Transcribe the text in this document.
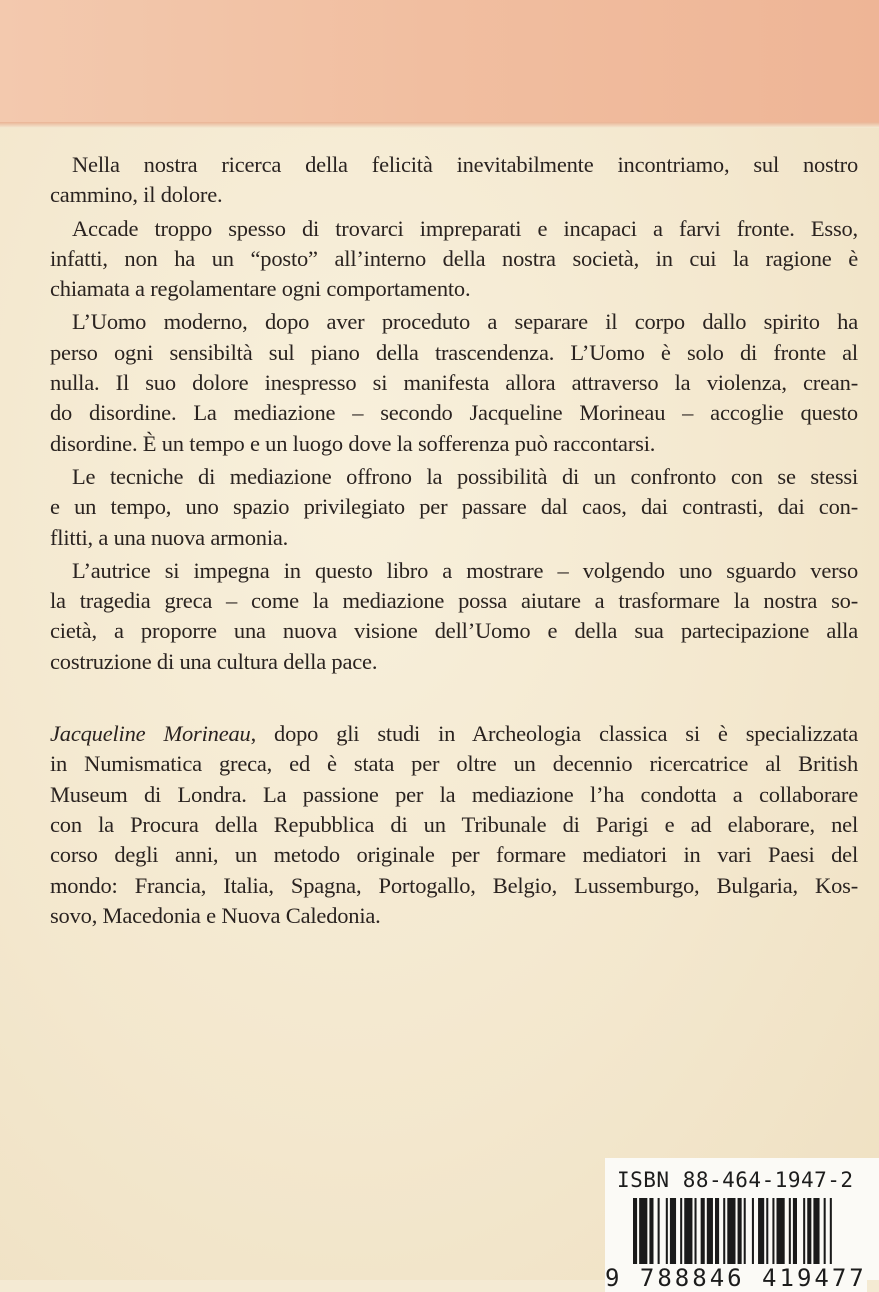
Nella nostra ricerca della felicità inevitabilmente incontriamo, sul nostro
cammino, il dolore.
Accade troppo spesso di trovarci impreparati e incapaci a farvi fronte. Esso,
infatti, non ha un “posto” all’interno della nostra società, in cui la ragione è
chiamata a regolamentare ogni comportamento.
L’Uomo moderno, dopo aver proceduto a separare il corpo dallo spirito ha
perso ogni sensibiltà sul piano della trascendenza. L’Uomo è solo di fronte al
nulla. Il suo dolore inespresso si manifesta allora attraverso la violenza, crean-
do disordine. La mediazione – secondo Jacqueline Morineau – accoglie questo
disordine. È un tempo e un luogo dove la sofferenza può raccontarsi.
Le tecniche di mediazione offrono la possibilità di un confronto con se stessi
e un tempo, uno spazio privilegiato per passare dal caos, dai contrasti, dai con-
flitti, a una nuova armonia.
L’autrice si impegna in questo libro a mostrare – volgendo uno sguardo verso
la tragedia greca – come la mediazione possa aiutare a trasformare la nostra so-
cietà, a proporre una nuova visione dell’Uomo e della sua partecipazione alla
costruzione di una cultura della pace.
Jacqueline Morineau, dopo gli studi in Archeologia classica si è specializzata
in Numismatica greca, ed è stata per oltre un decennio ricercatrice al British
Museum di Londra. La passione per la mediazione l’ha condotta a collaborare
con la Procura della Repubblica di un Tribunale di Parigi e ad elaborare, nel
corso degli anni, un metodo originale per formare mediatori in vari Paesi del
mondo: Francia, Italia, Spagna, Portogallo, Belgio, Lussemburgo, Bulgaria, Kos-
sovo, Macedonia e Nuova Caledonia.
ISBN 88-464-1947-2
9 788846 419477
